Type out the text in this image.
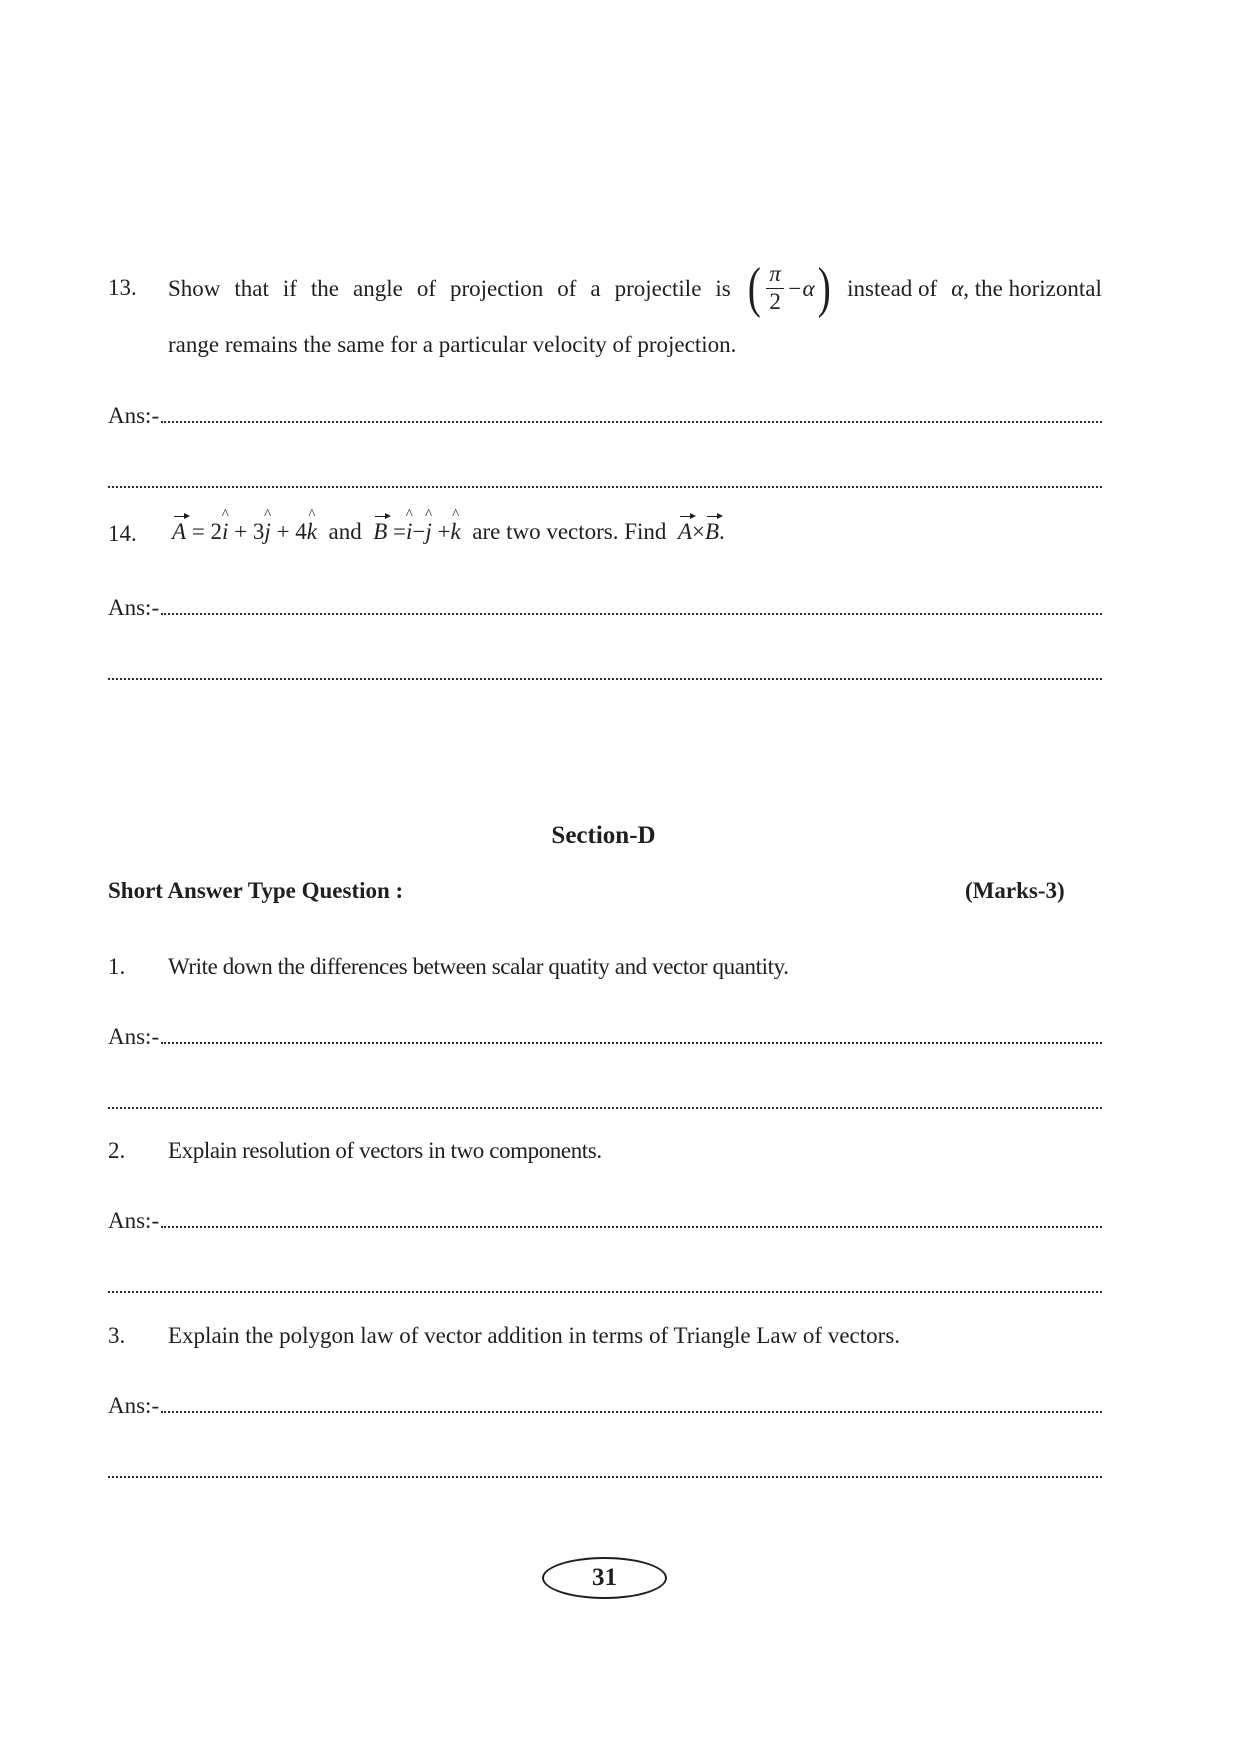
13. Show that if the angle of projection of a projectile is ( $\frac{\pi}{2} -\alpha$ ) instead of α, the horizontal
range remains the same for a particular velocity of projection.
Ans:-
14. A = 2i ^ + 3j ^ + 4k ^ and B =i ^−j ^ +k ^ are two vectors. Find A×B.
Ans:-
Section-D
Short Answer Type Question :	(Marks-3)
1. Write down the differences between scalar quatity and vector quantity.
Ans:-
2. Explain resolution of vectors in two components.
Ans:-
3. Explain the polygon law of vector addition in terms of Triangle Law of vectors.
Ans:-
31
